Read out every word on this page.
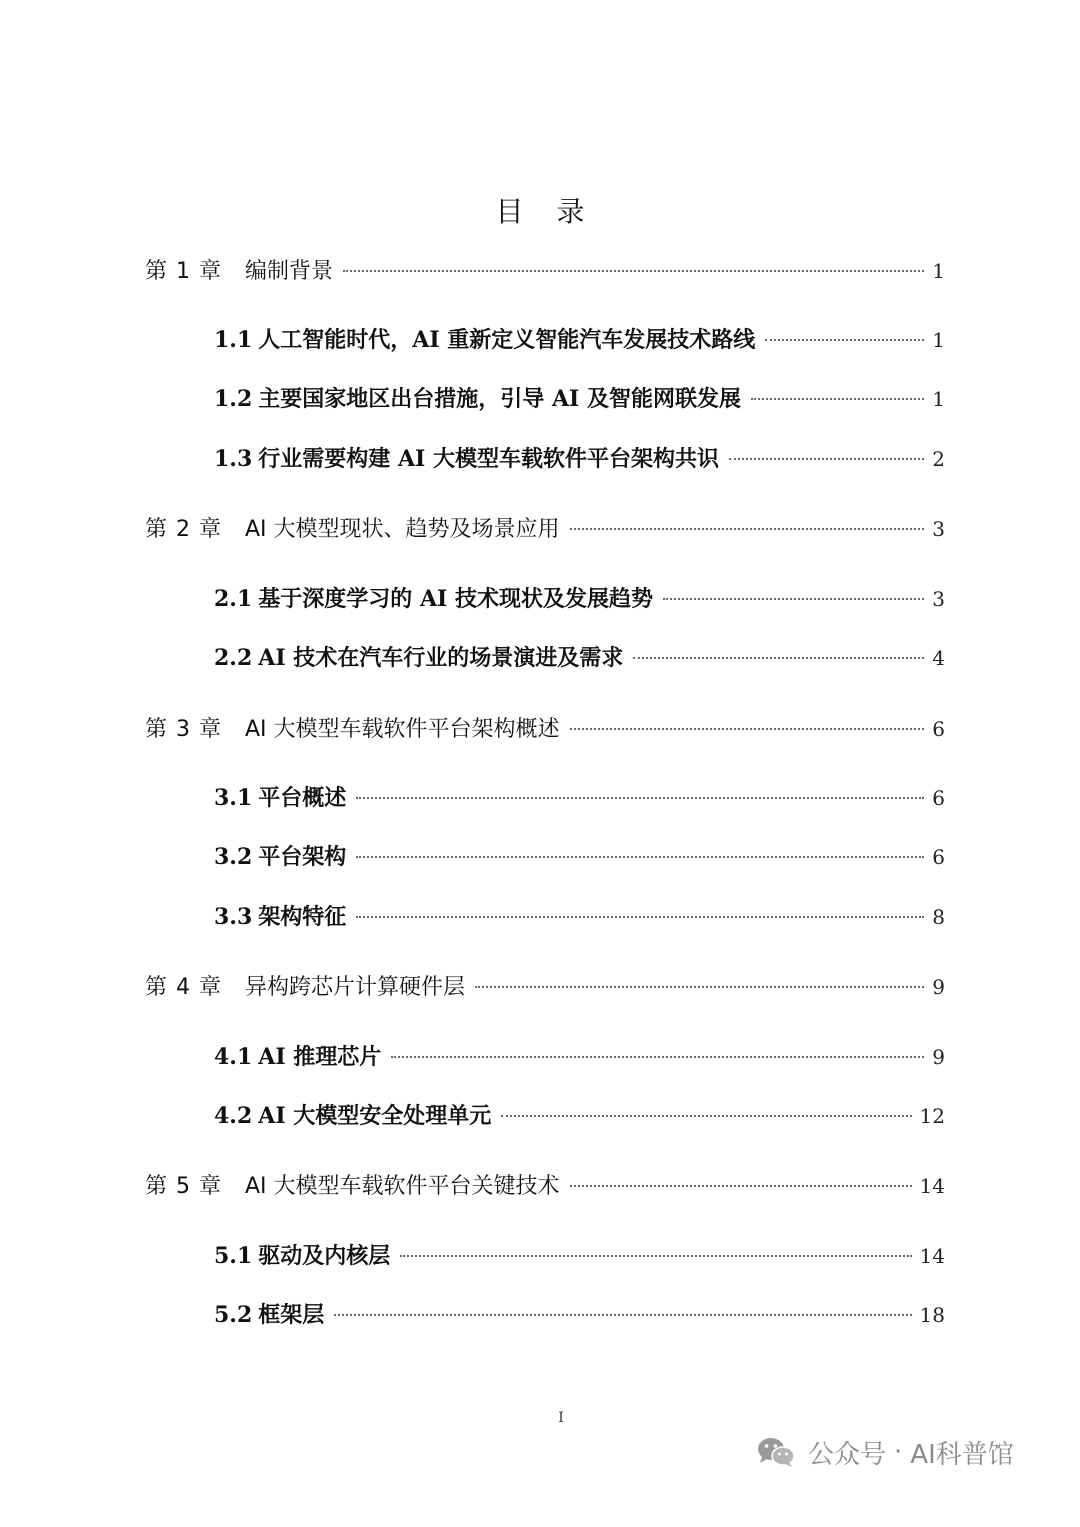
目 录
第 1 章	编制背景	1
1.1 人工智能时代，AI 重新定义智能汽车发展技术路线	1
1.2 主要国家地区出台措施，引导 AI 及智能网联发展	1
1.3 行业需要构建 AI 大模型车载软件平台架构共识	2
第 2 章	AI 大模型现状、趋势及场景应用	3
2.1 基于深度学习的 AI 技术现状及发展趋势	3
2.2 AI 技术在汽车行业的场景演进及需求	4
第 3 章	AI 大模型车载软件平台架构概述	6
3.1 平台概述	6
3.2 平台架构	6
3.3 架构特征	8
第 4 章	异构跨芯片计算硬件层	9
4.1 AI 推理芯片	9
4.2 AI 大模型安全处理单元	12
第 5 章	AI 大模型车载软件平台关键技术	14
5.1 驱动及内核层	14
5.2 框架层	18
I
公众号 · AI科普馆
